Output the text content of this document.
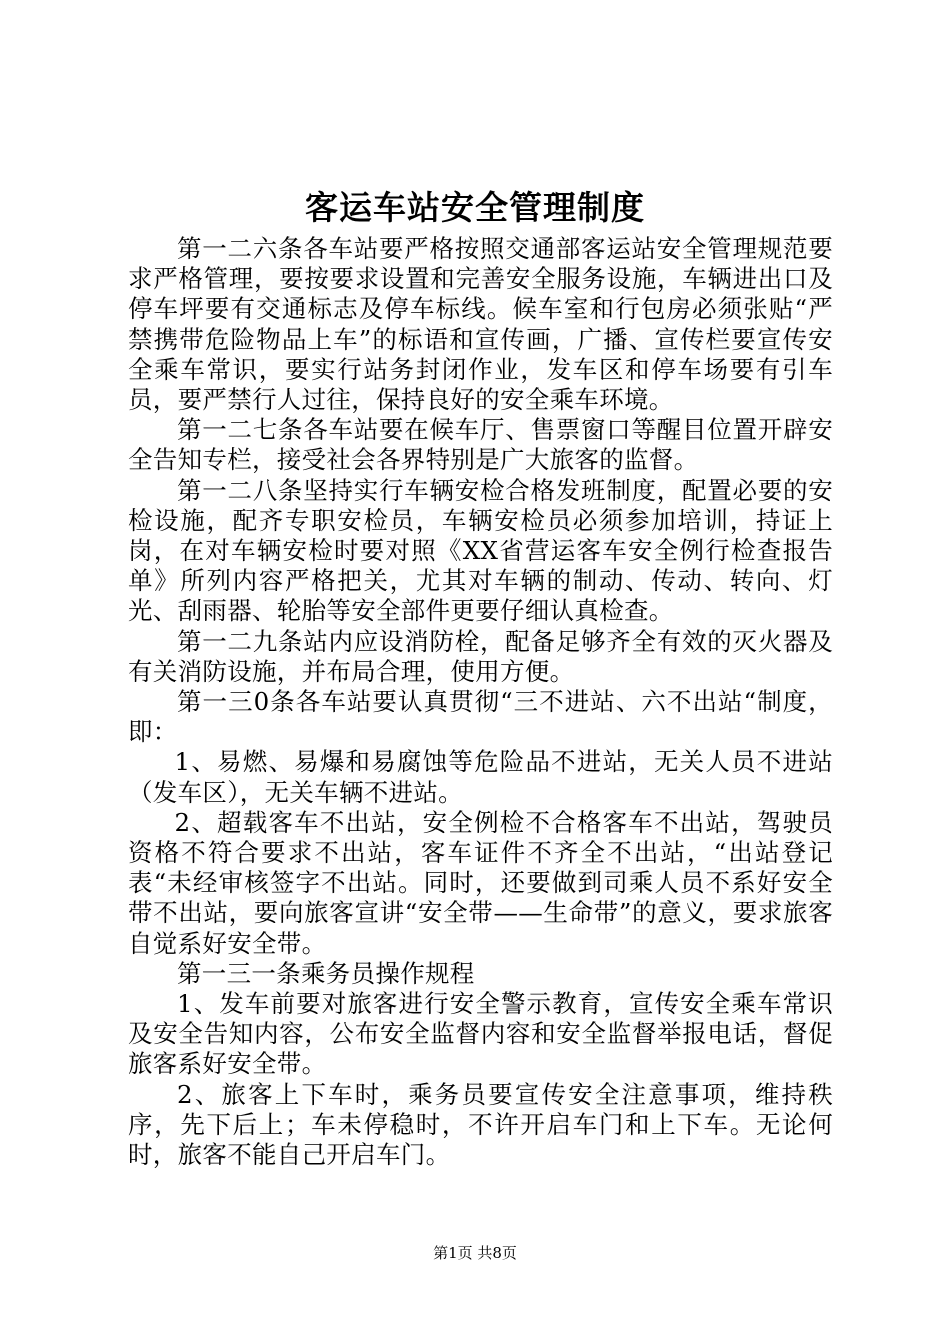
客运车站安全管理制度

第一二六条各车站要严格按照交通部客运站安全管理规范要求严格管理，要按要求设置和完善安全服务设施，车辆进出口及停车坪要有交通标志及停车标线。候车室和行包房必须张贴“严禁携带危险物品上车”的标语和宣传画，广播、宣传栏要宣传安全乘车常识，要实行站务封闭作业，发车区和停车场要有引车员，要严禁行人过往，保持良好的安全乘车环境。

第一二七条各车站要在候车厅、售票窗口等醒目位置开辟安全告知专栏，接受社会各界特别是广大旅客的监督。

第一二八条坚持实行车辆安检合格发班制度，配置必要的安检设施，配齐专职安检员，车辆安检员必须参加培训，持证上岗，在对车辆安检时要对照《XX省营运客车安全例行检查报告单》所列内容严格把关，尤其对车辆的制动、传动、转向、灯光、刮雨器、轮胎等安全部件更要仔细认真检查。

第一二九条站内应设消防栓，配备足够齐全有效的灭火器及有关消防设施，并布局合理，使用方便。

第一三0条各车站要认真贯彻“三不进站、六不出站“制度，即：

1、易燃、易爆和易腐蚀等危险品不进站，无关人员不进站（发车区），无关车辆不进站。

2、超载客车不出站，安全例检不合格客车不出站，驾驶员资格不符合要求不出站，客车证件不齐全不出站，“出站登记表“未经审核签字不出站。同时，还要做到司乘人员不系好安全带不出站，要向旅客宣讲“安全带——生命带”的意义，要求旅客自觉系好安全带。

第一三一条乘务员操作规程

1、发车前要对旅客进行安全警示教育，宣传安全乘车常识及安全告知内容，公布安全监督内容和安全监督举报电话，督促旅客系好安全带。

2、旅客上下车时，乘务员要宣传安全注意事项，维持秩序，先下后上；车未停稳时，不许开启车门和上下车。无论何时，旅客不能自己开启车门。

第1页 共8页
